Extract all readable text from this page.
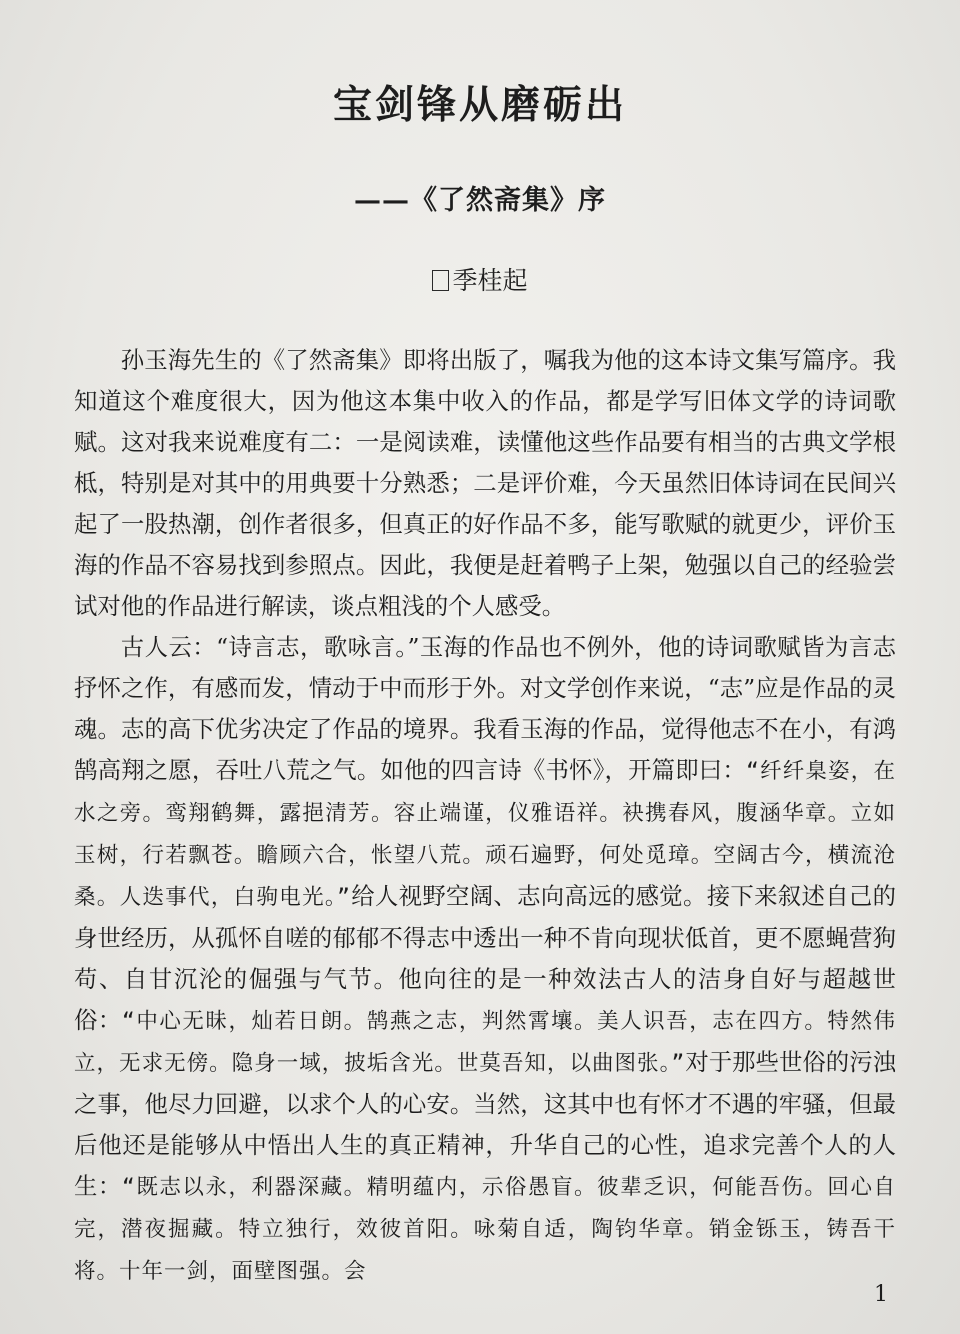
宝剑锋从磨砺出
——《了然斋集》序
季桂起

孙玉海先生的《了然斋集》即将出版了，嘱我为他的这本诗文集写篇序。我知道这个难度很大，因为他这本集中收入的作品，都是学写旧体文学的诗词歌赋。这对我来说难度有二：一是阅读难，读懂他这些作品要有相当的古典文学根柢，特别是对其中的用典要十分熟悉；二是评价难，今天虽然旧体诗词在民间兴起了一股热潮，创作者很多，但真正的好作品不多，能写歌赋的就更少，评价玉海的作品不容易找到参照点。因此，我便是赶着鸭子上架，勉强以自己的经验尝试对他的作品进行解读，谈点粗浅的个人感受。

古人云：“诗言志，歌咏言。”玉海的作品也不例外，他的诗词歌赋皆为言志抒怀之作，有感而发，情动于中而形于外。对文学创作来说，“志”应是作品的灵魂。志的高下优劣决定了作品的境界。我看玉海的作品，觉得他志不在小，有鸿鹄高翔之愿，吞吐八荒之气。如他的四言诗《书怀》，开篇即曰：“纤纤臬姿，在水之旁。鸾翔鹤舞，露挹清芳。容止端谨，仪雅语祥。袂携春风，腹涵华章。立如玉树，行若飘苍。瞻顾六合，怅望八荒。顽石遍野，何处觅璋。空阔古今，横流沧桑。人迭事代，白驹电光。”给人视野空阔、志向高远的感觉。接下来叙述自己的身世经历，从孤怀自嗟的郁郁不得志中透出一种不肯向现状低首，更不愿蝇营狗苟、自甘沉沦的倔强与气节。他向往的是一种效法古人的洁身自好与超越世俗：“中心无昧，灿若日朗。鹄燕之志，判然霄壤。美人识吾，志在四方。特然伟立，无求无傍。隐身一域，披垢含光。世莫吾知，以曲图张。”对于那些世俗的污浊之事，他尽力回避，以求个人的心安。当然，这其中也有怀才不遇的牢骚，但最后他还是能够从中悟出人生的真正精神，升华自己的心性，追求完善个人的人生：“既志以永，利器深藏。精明蕴内，示俗愚盲。彼辈乏识，何能吾伤。回心自完，潜夜掘藏。特立独行，效彼首阳。咏菊自适，陶钧华章。销金铄玉，铸吾干将。十年一剑，面壁图强。会

1
